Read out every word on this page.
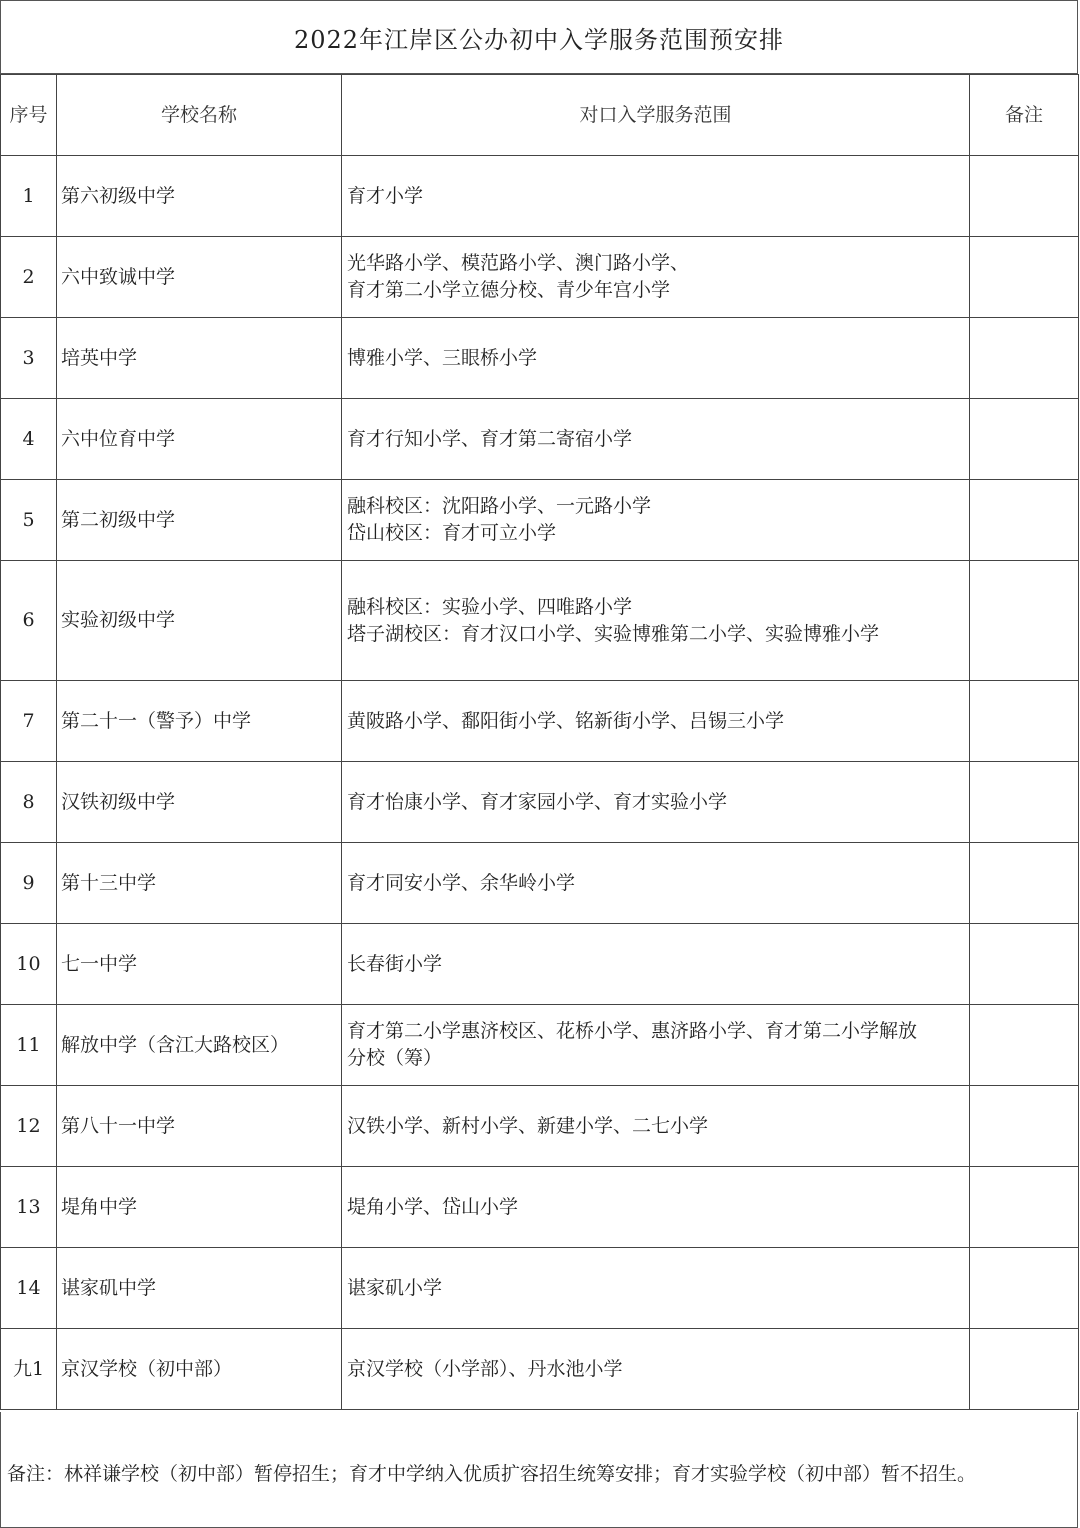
2022年江岸区公办初中入学服务范围预安排
序号	学校名称	对口入学服务范围	备注
1	第六初级中学	育才小学	

2	六中致诚中学	光华路小学、模范路小学、澳门路小学、
育才第二小学立德分校、青少年宫小学	

3	培英中学	博雅小学、三眼桥小学	

4	六中位育中学	育才行知小学、育才第二寄宿小学	

5	第二初级中学	融科校区：沈阳路小学、一元路小学
岱山校区：育才可立小学	

6	实验初级中学	融科校区：实验小学、四唯路小学
塔子湖校区：育才汉口小学、实验博雅第二小学、实验博雅小学	

7	第二十一（警予）中学	黄陂路小学、鄱阳街小学、铭新街小学、吕锡三小学	

8	汉铁初级中学	育才怡康小学、育才家园小学、育才实验小学	

9	第十三中学	育才同安小学、余华岭小学	

10	七一中学	长春街小学	

11	解放中学（含江大路校区）	育才第二小学惠济校区、花桥小学、惠济路小学、育才第二小学解放
分校（筹）	

12	第八十一中学	汉铁小学、新村小学、新建小学、二七小学	

13	堤角中学	堤角小学、岱山小学	

14	谌家矶中学	谌家矶小学	

九1	京汉学校（初中部）	京汉学校（小学部）、丹水池小学	

备注：林祥谦学校（初中部）暂停招生；育才中学纳入优质扩容招生统筹安排；育才实验学校（初中部）暂不招生。
